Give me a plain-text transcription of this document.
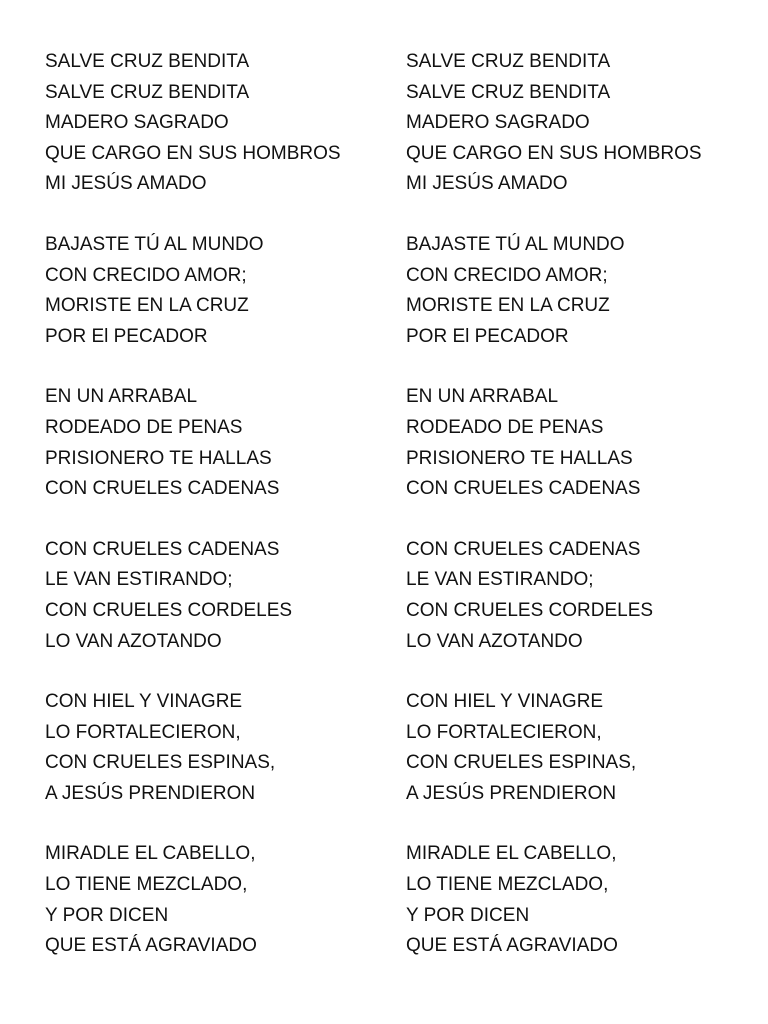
SALVE CRUZ BENDITA
SALVE CRUZ BENDITA
MADERO SAGRADO
QUE CARGO EN SUS HOMBROS
MI JESÚS AMADO
BAJASTE TÚ AL MUNDO
CON CRECIDO AMOR;
MORISTE EN LA CRUZ
POR El PECADOR
EN UN ARRABAL
RODEADO DE PENAS
PRISIONERO TE HALLAS
CON CRUELES CADENAS
CON CRUELES CADENAS
LE VAN ESTIRANDO;
CON CRUELES CORDELES
LO VAN AZOTANDO
CON HIEL Y VINAGRE
LO FORTALECIERON,
CON CRUELES ESPINAS,
A JESÚS PRENDIERON
MIRADLE EL CABELLO,
LO TIENE MEZCLADO,
Y POR DICEN
QUE ESTÁ AGRAVIADO
SALVE CRUZ BENDITA
SALVE CRUZ BENDITA
MADERO SAGRADO
QUE CARGO EN SUS HOMBROS
MI JESÚS AMADO
BAJASTE TÚ AL MUNDO
CON CRECIDO AMOR;
MORISTE EN LA CRUZ
POR El PECADOR
EN UN ARRABAL
RODEADO DE PENAS
PRISIONERO TE HALLAS
CON CRUELES CADENAS
CON CRUELES CADENAS
LE VAN ESTIRANDO;
CON CRUELES CORDELES
LO VAN AZOTANDO
CON HIEL Y VINAGRE
LO FORTALECIERON,
CON CRUELES ESPINAS,
A JESÚS PRENDIERON
MIRADLE EL CABELLO,
LO TIENE MEZCLADO,
Y POR DICEN
QUE ESTÁ AGRAVIADO
